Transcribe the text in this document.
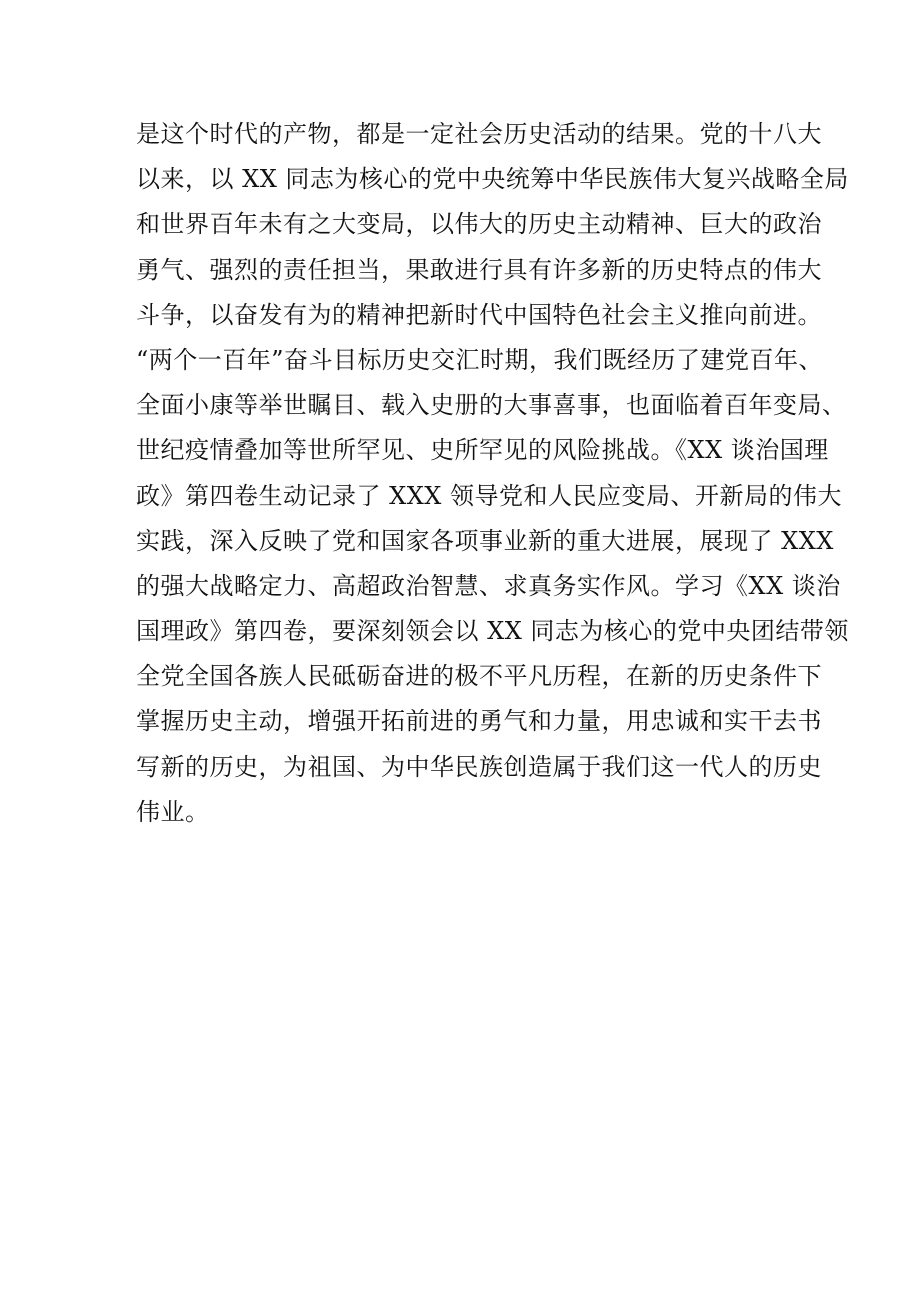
是这个时代的产物，都是一定社会历史活动的结果。党的十八大
以来，以 XX 同志为核心的党中央统筹中华民族伟大复兴战略全局
和世界百年未有之大变局，以伟大的历史主动精神、巨大的政治
勇气、强烈的责任担当，果敢进行具有许多新的历史特点的伟大
斗争，以奋发有为的精神把新时代中国特色社会主义推向前进。
“两个一百年”奋斗目标历史交汇时期，我们既经历了建党百年、
全面小康等举世瞩目、载入史册的大事喜事，也面临着百年变局、
世纪疫情叠加等世所罕见、史所罕见的风险挑战。《XX 谈治国理
政》第四卷生动记录了 XXX 领导党和人民应变局、开新局的伟大
实践，深入反映了党和国家各项事业新的重大进展，展现了 XXX
的强大战略定力、高超政治智慧、求真务实作风。学习《XX 谈治
国理政》第四卷，要深刻领会以 XX 同志为核心的党中央团结带领
全党全国各族人民砥砺奋进的极不平凡历程，在新的历史条件下
掌握历史主动，增强开拓前进的勇气和力量，用忠诚和实干去书
写新的历史，为祖国、为中华民族创造属于我们这一代人的历史
伟业。
